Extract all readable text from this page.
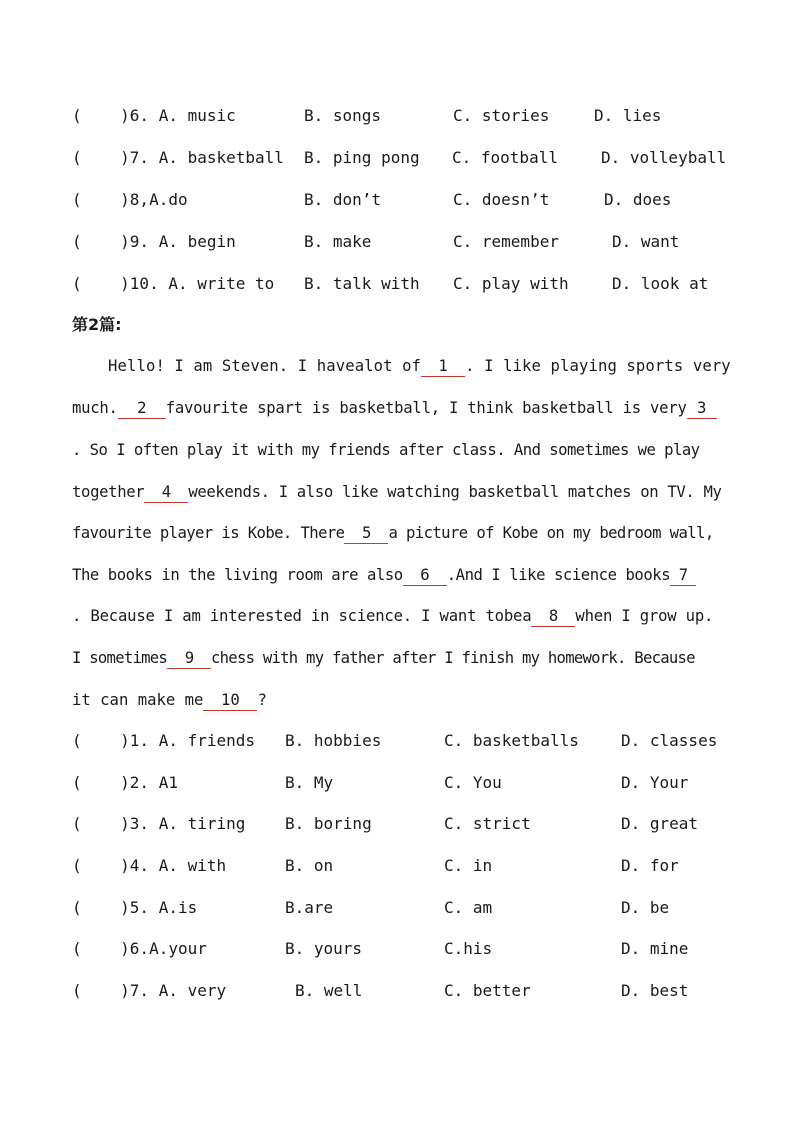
(    )6. A. music	B. songs	C. stories	D. lies
(    )7. A. basketball B. ping pong C. football	D. volleyball
(    )8,A.do	B. don’t	C. doesn’t	D. does
(    )9. A. begin	B. make	C. remember	D. want
(    )10. A. write to B. talk with C. play with	D. look at
第2篇:
Hello! I am Steven. I havealot of 1 . I like playing sports very
much. 2 favourite spart is basketball, I think basketball is very 3
. So I often play it with my friends after class. And sometimes we play
together 4 weekends. I also like watching basketball matches on TV. My
favourite player is Kobe. There 5 a picture of Kobe on my bedroom wall,
The books in the living room are also 6 .And I like science books 7
. Because I am interested in science. I want tobea 8 when I grow up.
I sometimes 9 chess with my father after I finish my homework. Because
it can make me 10 ?
(    )1. A. friends B. hobbies	C. basketballs	D. classes
(    )2. A1	B. My	C. You	D. Your
(    )3. A. tiring B. boring	C. strict	D. great
(    )4. A. with	B. on	C. in	D. for
(    )5. A.is	B.are	C. am	D. be
(    )6.A.your	B. yours	C.his	D. mine
(    )7. A. very	B. well	C. better	D. best
